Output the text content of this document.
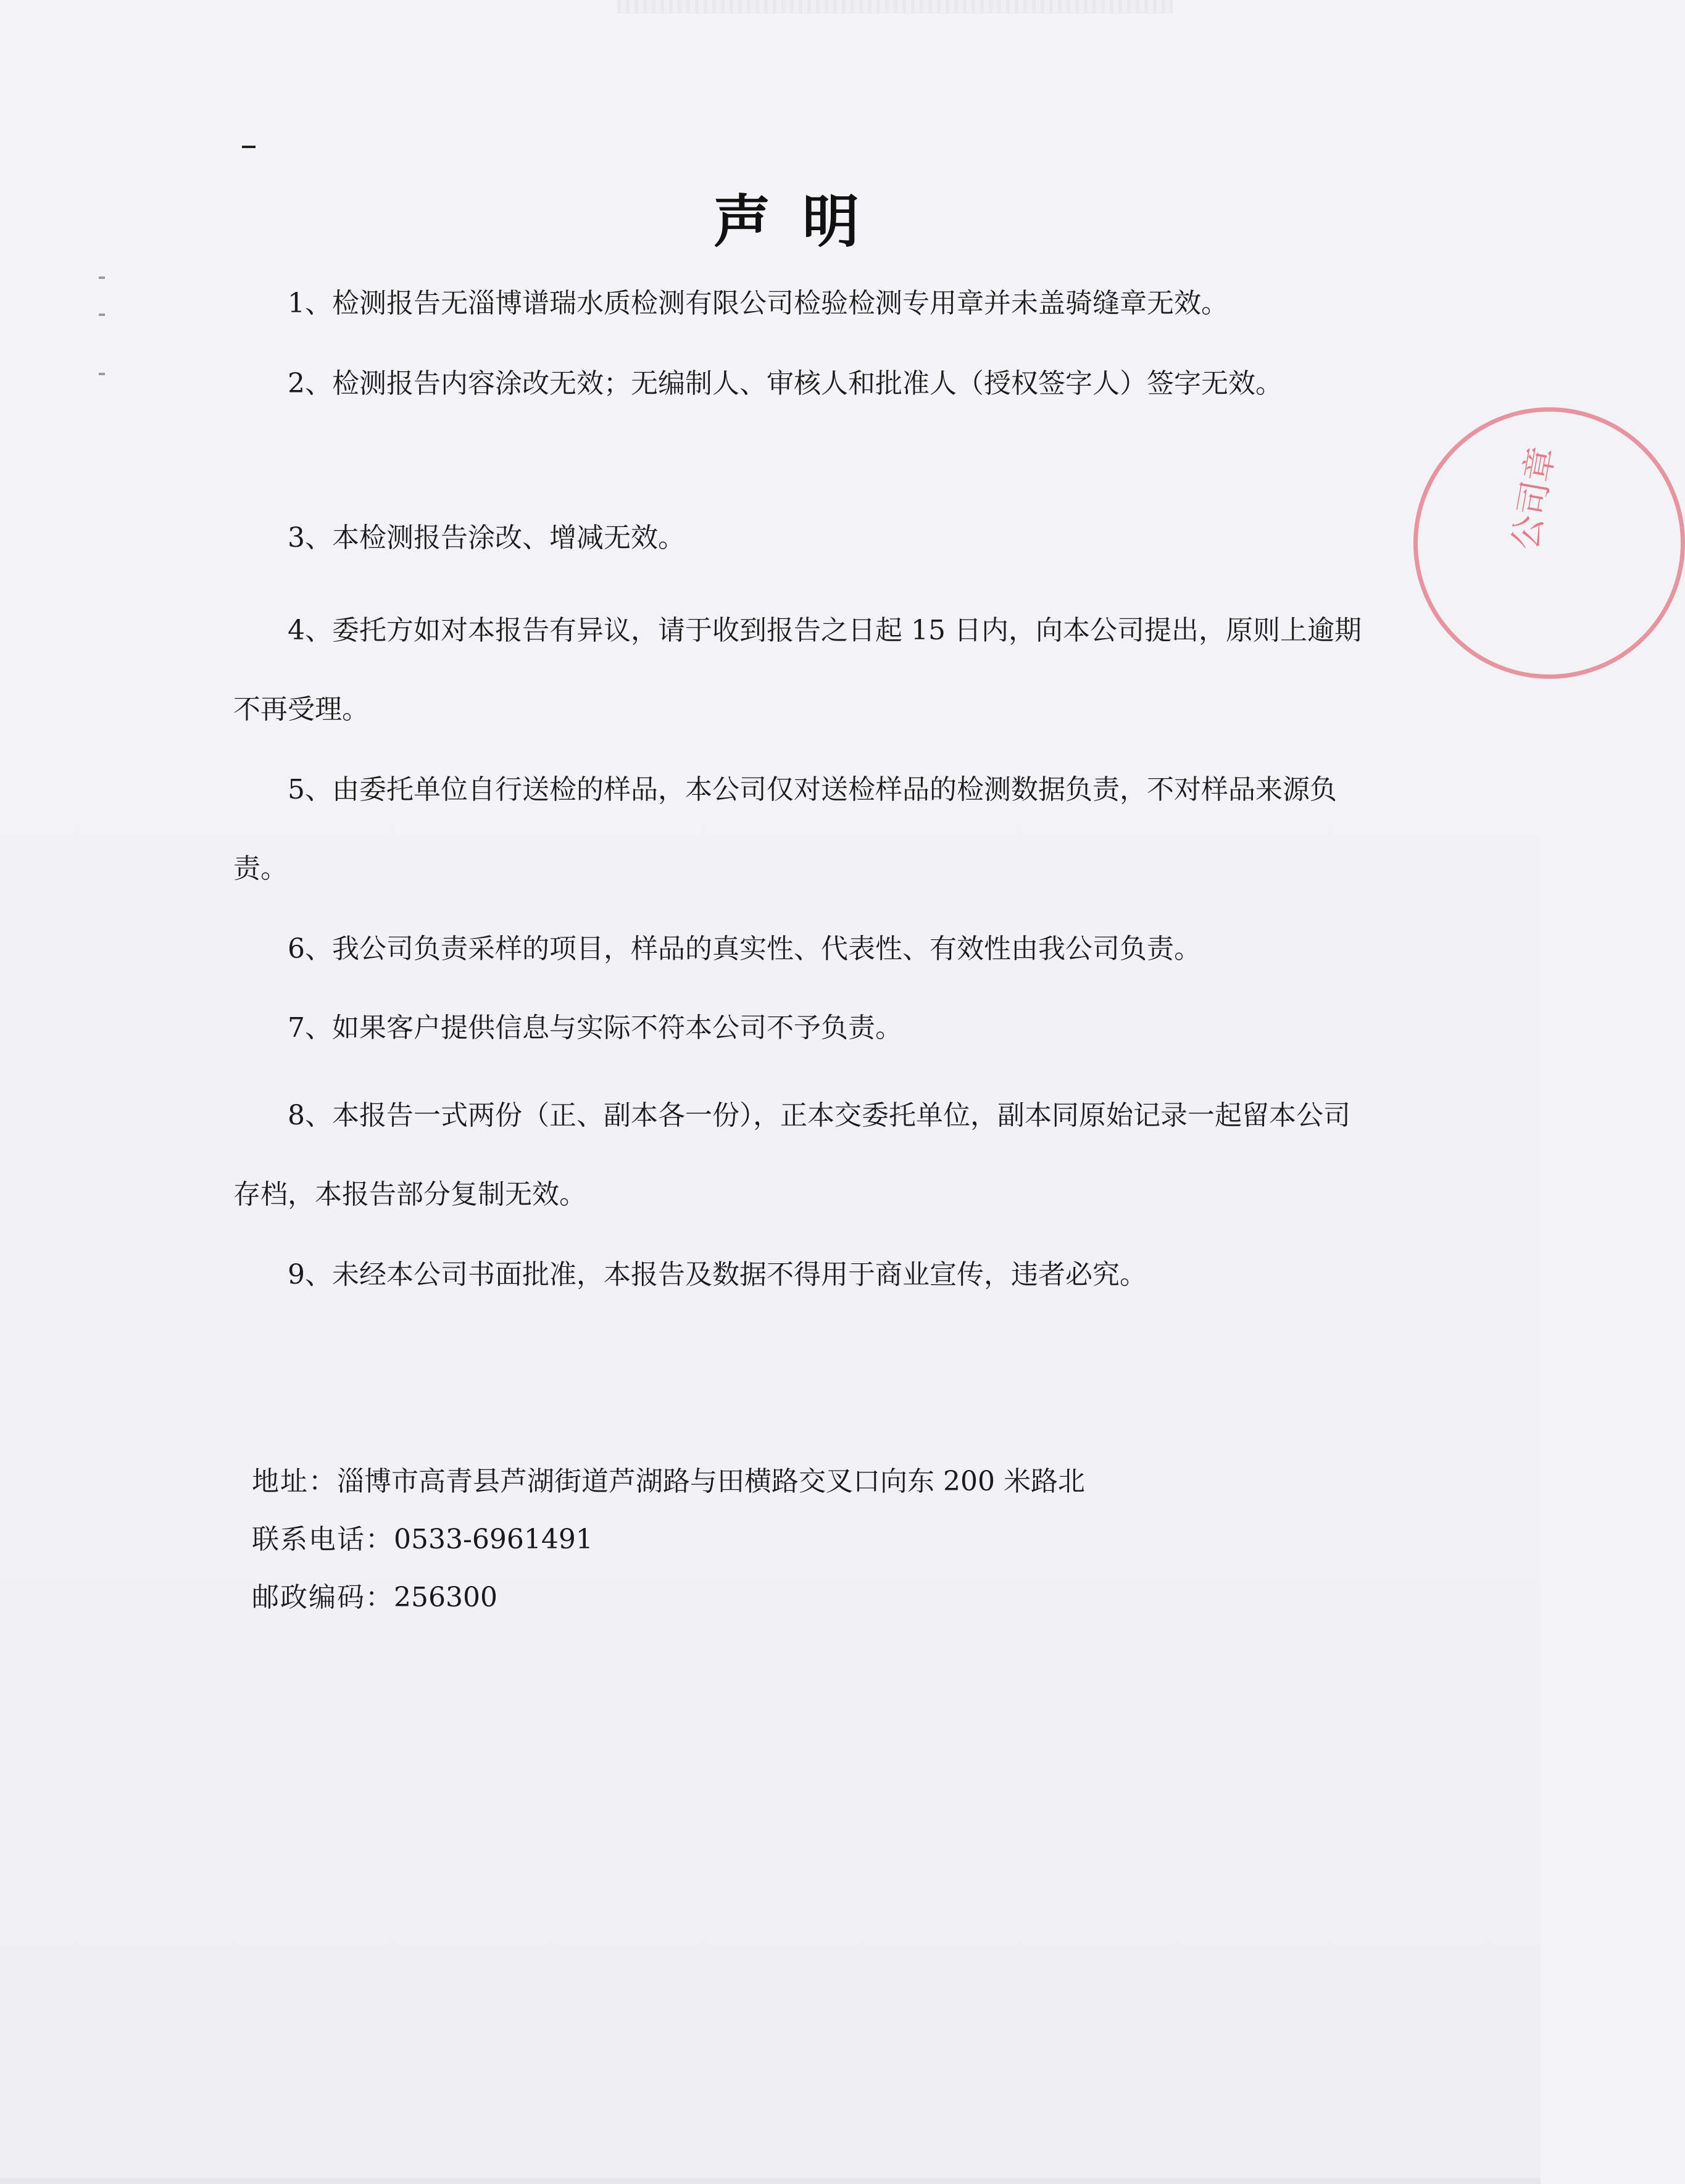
声明

1、检测报告无淄博谱瑞水质检测有限公司检验检测专用章并未盖骑缝章无效。

2、检测报告内容涂改无效；无编制人、审核人和批准人（授权签字人）签字无效。

3、本检测报告涂改、增减无效。

4、委托方如对本报告有异议，请于收到报告之日起 15 日内，向本公司提出，原则上逾期不再受理。

5、由委托单位自行送检的样品，本公司仅对送检样品的检测数据负责，不对样品来源负责。

6、我公司负责采样的项目，样品的真实性、代表性、有效性由我公司负责。

7、如果客户提供信息与实际不符本公司不予负责。

8、本报告一式两份（正、副本各一份），正本交委托单位，副本同原始记录一起留本公司存档，本报告部分复制无效。

9、未经本公司书面批准，本报告及数据不得用于商业宣传，违者必究。

地址：淄博市高青县芦湖街道芦湖路与田横路交叉口向东 200 米路北
联系电话：0533-6961491
邮政编码：256300
公司章
